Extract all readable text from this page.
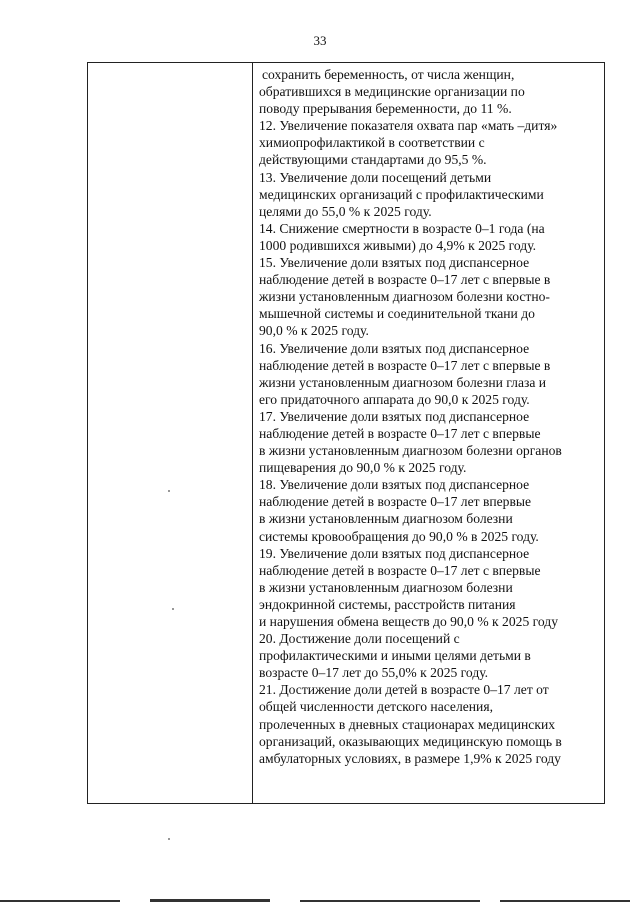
33
сохранить беременность, от числа женщин,
обратившихся в медицинские организации по
поводу прерывания беременности, до 11 %.
12. Увеличение показателя охвата пар «мать –дитя»
химиопрофилактикой в соответствии с
действующими стандартами до 95,5 %.
13. Увеличение доли посещений детьми
медицинских организаций с профилактическими
целями до 55,0 % к 2025 году.
14. Снижение смертности в возрасте 0–1 года (на
1000 родившихся живыми) до 4,9% к 2025 году.
15. Увеличение доли взятых под диспансерное
наблюдение детей в возрасте 0–17 лет с впервые в
жизни установленным диагнозом болезни костно-
мышечной системы и соединительной ткани до
90,0 % к 2025 году.
16. Увеличение доли взятых под диспансерное
наблюдение детей в возрасте 0–17 лет с впервые в
жизни установленным диагнозом болезни глаза и
его придаточного аппарата до 90,0 к 2025 году.
17. Увеличение доли взятых под диспансерное
наблюдение детей в возрасте 0–17 лет с впервые
в жизни установленным диагнозом болезни органов
пищеварения до 90,0 % к 2025 году.
18. Увеличение доли взятых под диспансерное
наблюдение детей в возрасте 0–17 лет впервые
в жизни установленным диагнозом болезни
системы кровообращения до 90,0 % в 2025 году.
19. Увеличение доли взятых под диспансерное
наблюдение детей в возрасте 0–17 лет с впервые
в жизни установленным диагнозом болезни
эндокринной системы, расстройств питания
и нарушения обмена веществ до 90,0 % к 2025 году
20. Достижение доли посещений с
профилактическими и иными целями детьми в
возрасте 0–17 лет до 55,0% к 2025 году.
21. Достижение доли детей в возрасте 0–17 лет от
общей численности детского населения,
пролеченных в дневных стационарах медицинских
организаций, оказывающих медицинскую помощь в
амбулаторных условиях, в размере 1,9% к 2025 году
